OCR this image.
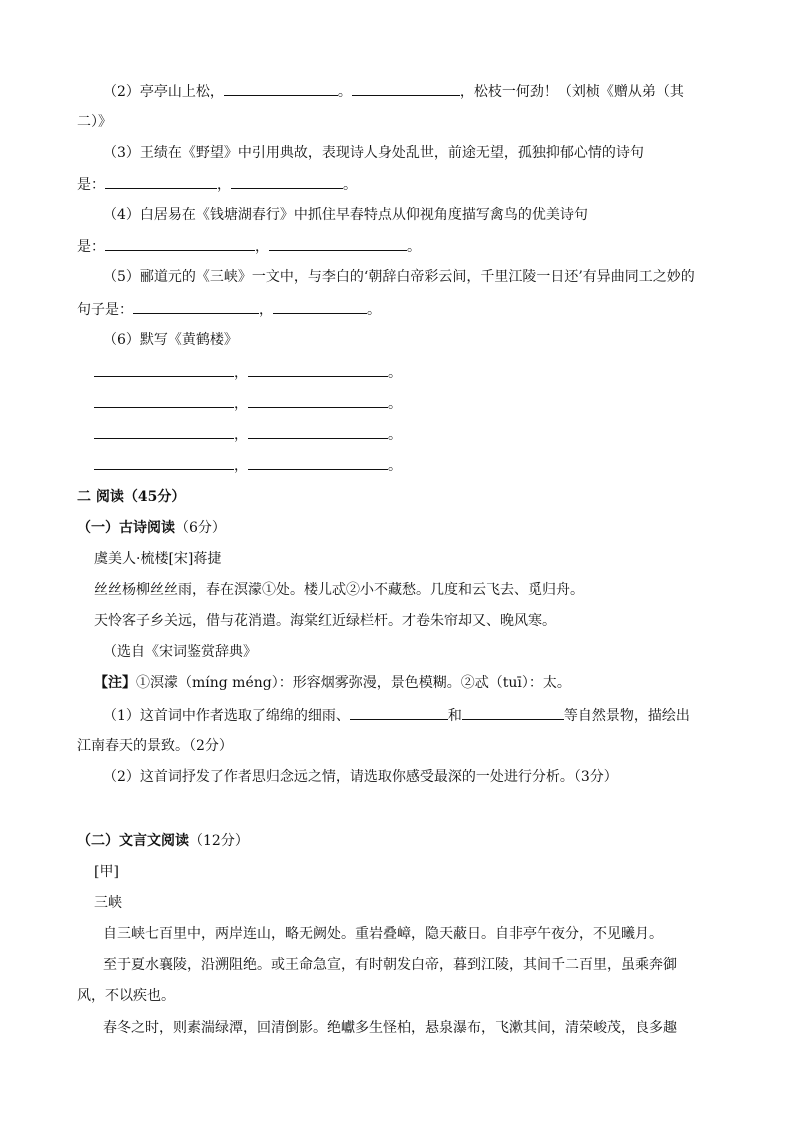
（2）亭亭山上松，	。	，松枝一何劲！（刘桢《赠从弟（其
二）》
（3）王绩在《野望》中引用典故，表现诗人身处乱世，前途无望，孤独抑郁心情的诗句
是：	，	。
（4）白居易在《钱塘湖春行》中抓住早春特点从仰视角度描写禽鸟的优美诗句
是：	，	。
（5）郦道元的《三峡》一文中，与李白的‘朝辞白帝彩云间，千里江陵一日还’有异曲同工之妙的
句子是：	，	。
（6）默写《黄鹤楼》
，	。
，	。
，	。
，	。
二 阅读（45分）
（一）古诗阅读（6分）
虞美人·梳楼[宋]蒋捷
丝丝杨柳丝丝雨，春在溟濛①处。楼儿忒②小不藏愁。几度和云飞去、觅归舟。
天怜客子乡关远，借与花消遣。海棠红近绿栏杆。才卷朱帘却又、晚风寒。
（选自《宋词鉴赏辞典》
【注】①溟濛（míng méng）：形容烟雾弥漫，景色模糊。②忒（tuī）：太。
（1）这首词中作者选取了绵绵的细雨、	和	等自然景物，描绘出
江南春天的景致。（2分）
（2）这首词抒发了作者思归念远之情，请选取你感受最深的一处进行分析。（3分）
（二）文言文阅读（12分）
[甲]
三峡
自三峡七百里中，两岸连山，略无阙处。重岩叠嶂，隐天蔽日。自非亭午夜分，不见曦月。
至于夏水襄陵，沿溯阻绝。或王命急宣，有时朝发白帝，暮到江陵，其间千二百里，虽乘奔御
风，不以疾也。
春冬之时，则素湍绿潭，回清倒影。绝巘多生怪柏，悬泉瀑布，飞漱其间，清荣峻茂，良多趣
